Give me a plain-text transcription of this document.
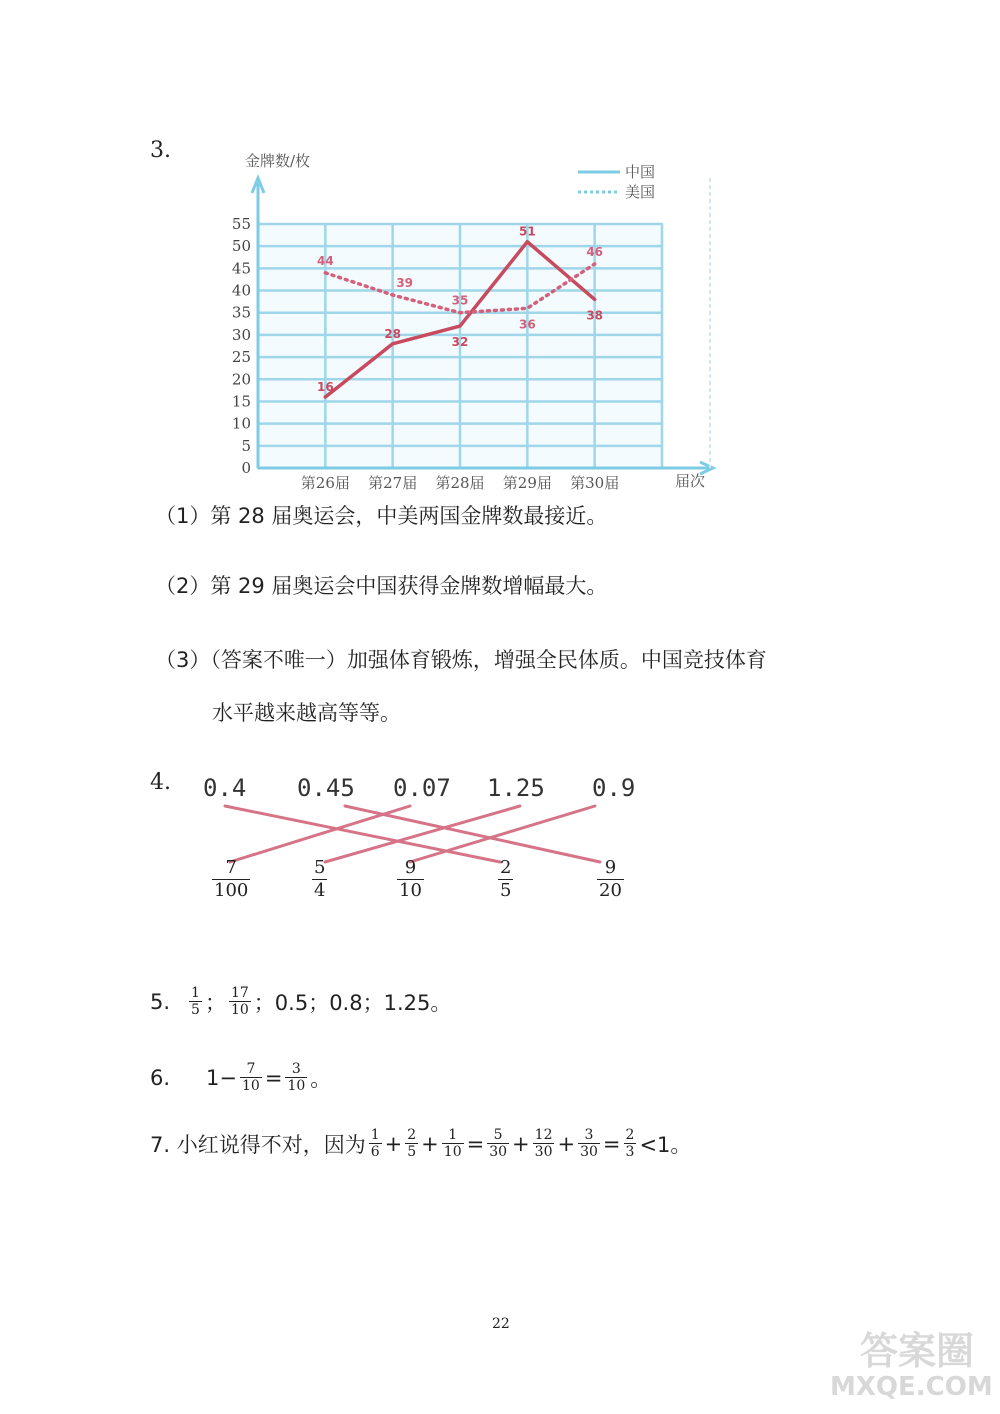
3.
55
50
45
40
35
30
25
20
15
10
5
0
第26届 第27届 第28届 第29届 第30届
金牌数/枚
届次
中国
美国
16
28
32
51
38
44
39
35
36
46
（1）第 28 届奥运会，中美两国金牌数最接近。
（2）第 29 届奥运会中国获得金牌数增幅最大。
（3）（答案不唯一）加强体育锻炼，增强全民体质。中国竞技体育
水平越来越高等等。
4. 0.4 0.45 0.07 1.25 0.9
$\frac{7}{100}$	$\frac{5}{4}$	$\frac{9}{10}$	$\frac{2}{5}$	$\frac{9}{20}$
5. $\frac{1}{5}$ ； $\frac{17}{10}$ ；0.5；0.8；1.25。
6. $1- \frac{7}{10} = \frac{3}{10}$ 。
7. 小红说得不对，因为 $\frac{1}{6} + \frac{2}{5} + \frac{1}{10} = \frac{5}{30} + \frac{12}{30} + \frac{3}{30} = \frac{2}{3} <1$。
22
答案圈
MXQE.COM
